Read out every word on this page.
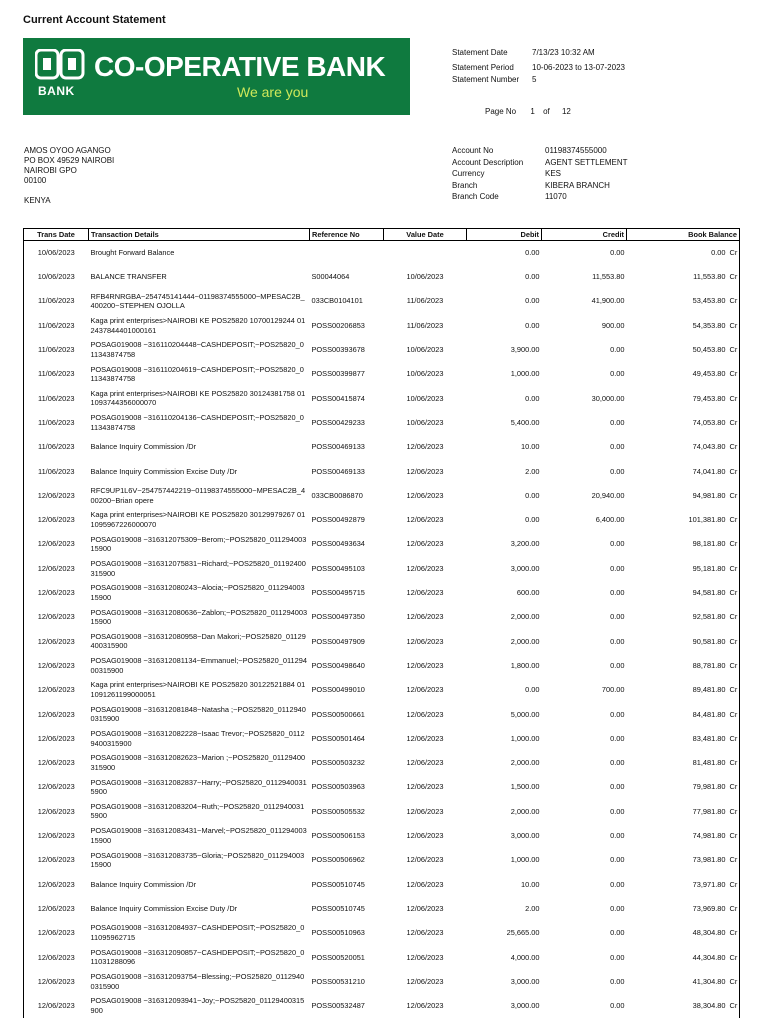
Current Account Statement
BANK
CO-OPERATIVE BANK
We are you
Statement Date	7/13/23 10:32 AM
Statement Period 10-06-2023 to 13-07-2023
Statement Number 5
Page No 1 of 12
AMOS OYOO AGANGO
PO BOX 49529 NAIROBI
NAIROBI GPO
00100
KENYA
Account No	01198374555000
Account Description	AGENT SETTLEMENT
Currency	KES
Branch	KIBERA BRANCH
Branch Code	11070
Trans Date	Transaction Details	Reference No	Value Date	Debit	Credit	Book Balance	
10/06/2023	Brought Forward Balance			0.00	0.00	0.00	Cr
10/06/2023	BALANCE TRANSFER	S00044064	10/06/2023	0.00	11,553.80	11,553.80	Cr
11/06/2023	RFB4RNRGBA~254745141444~01198374555000~MPESAC2B_400200~STEPHEN OJOLLA	033CB0104101	11/06/2023	0.00	41,900.00	53,453.80	Cr
11/06/2023	Kaga print enterprises>NAIROBI KE POS25820 10700129244 012437844401000161	POSS00206853	11/06/2023	0.00	900.00	54,353.80	Cr
11/06/2023	POSAG019008 ~316110204448~CASHDEPOSIT;~POS25820_011343874758	POSS00393678	10/06/2023	3,900.00	0.00	50,453.80	Cr
11/06/2023	POSAG019008 ~316110204619~CASHDEPOSIT;~POS25820_011343874758	POSS00399877	10/06/2023	1,000.00	0.00	49,453.80	Cr
11/06/2023	Kaga print enterprises>NAIROBI KE POS25820 30124381758 011093744356000070	POSS00415874	10/06/2023	0.00	30,000.00	79,453.80	Cr
11/06/2023	POSAG019008 ~316110204136~CASHDEPOSIT;~POS25820_011343874758	POSS00429233	10/06/2023	5,400.00	0.00	74,053.80	Cr
11/06/2023	Balance Inquiry Commission /Dr	POSS00469133	12/06/2023	10.00	0.00	74,043.80	Cr
11/06/2023	Balance Inquiry Commission Excise Duty /Dr	POSS00469133	12/06/2023	2.00	0.00	74,041.80	Cr
12/06/2023	RFC9UP1L6V~254757442219~01198374555000~MPESAC2B_400200~Brian opere	033CB0086870	12/06/2023	0.00	20,940.00	94,981.80	Cr
12/06/2023	Kaga print enterprises>NAIROBI KE POS25820 30129979267 011095967226000070	POSS00492879	12/06/2023	0.00	6,400.00	101,381.80	Cr
12/06/2023	POSAG019008 ~316312075309~Berom;~POS25820_01129400315900	POSS00493634	12/06/2023	3,200.00	0.00	98,181.80	Cr
12/06/2023	POSAG019008 ~316312075831~Richard;~POS25820_01192400315900	POSS00495103	12/06/2023	3,000.00	0.00	95,181.80	Cr
12/06/2023	POSAG019008 ~316312080243~Alocia;~POS25820_01129400315900	POSS00495715	12/06/2023	600.00	0.00	94,581.80	Cr
12/06/2023	POSAG019008 ~316312080636~Zablon;~POS25820_01129400315900	POSS00497350	12/06/2023	2,000.00	0.00	92,581.80	Cr
12/06/2023	POSAG019008 ~316312080958~Dan Makori;~POS25820_01129400315900	POSS00497909	12/06/2023	2,000.00	0.00	90,581.80	Cr
12/06/2023	POSAG019008 ~316312081134~Emmanuel;~POS25820_01129400315900	POSS00498640	12/06/2023	1,800.00	0.00	88,781.80	Cr
12/06/2023	Kaga print enterprises>NAIROBI KE POS25820 30122521884 011091261199000051	POSS00499010	12/06/2023	0.00	700.00	89,481.80	Cr
12/06/2023	POSAG019008 ~316312081848~Natasha ;~POS25820_01129400315900	POSS00500661	12/06/2023	5,000.00	0.00	84,481.80	Cr
12/06/2023	POSAG019008 ~316312082228~Isaac Trevor;~POS25820_01129400315900	POSS00501464	12/06/2023	1,000.00	0.00	83,481.80	Cr
12/06/2023	POSAG019008 ~316312082623~Marion ;~POS25820_01129400315900	POSS00503232	12/06/2023	2,000.00	0.00	81,481.80	Cr
12/06/2023	POSAG019008 ~316312082837~Harry;~POS25820_01129400315900	POSS00503963	12/06/2023	1,500.00	0.00	79,981.80	Cr
12/06/2023	POSAG019008 ~316312083204~Ruth;~POS25820_01129400315900	POSS00505532	12/06/2023	2,000.00	0.00	77,981.80	Cr
12/06/2023	POSAG019008 ~316312083431~Marvel;~POS25820_01129400315900	POSS00506153	12/06/2023	3,000.00	0.00	74,981.80	Cr
12/06/2023	POSAG019008 ~316312083735~Gloria;~POS25820_01129400315900	POSS00506962	12/06/2023	1,000.00	0.00	73,981.80	Cr
12/06/2023	Balance Inquiry Commission /Dr	POSS00510745	12/06/2023	10.00	0.00	73,971.80	Cr
12/06/2023	Balance Inquiry Commission Excise Duty /Dr	POSS00510745	12/06/2023	2.00	0.00	73,969.80	Cr
12/06/2023	POSAG019008 ~316312084937~CASHDEPOSIT;~POS25820_011095962715	POSS00510963	12/06/2023	25,665.00	0.00	48,304.80	Cr
12/06/2023	POSAG019008 ~316312090857~CASHDEPOSIT;~POS25820_011031288096	POSS00520051	12/06/2023	4,000.00	0.00	44,304.80	Cr
12/06/2023	POSAG019008 ~316312093754~Blessing;~POS25820_01129400315900	POSS00531210	12/06/2023	3,000.00	0.00	41,304.80	Cr
12/06/2023	POSAG019008 ~316312093941~Joy;~POS25820_01129400315900	POSS00532487	12/06/2023	3,000.00	0.00	38,304.80	Cr
